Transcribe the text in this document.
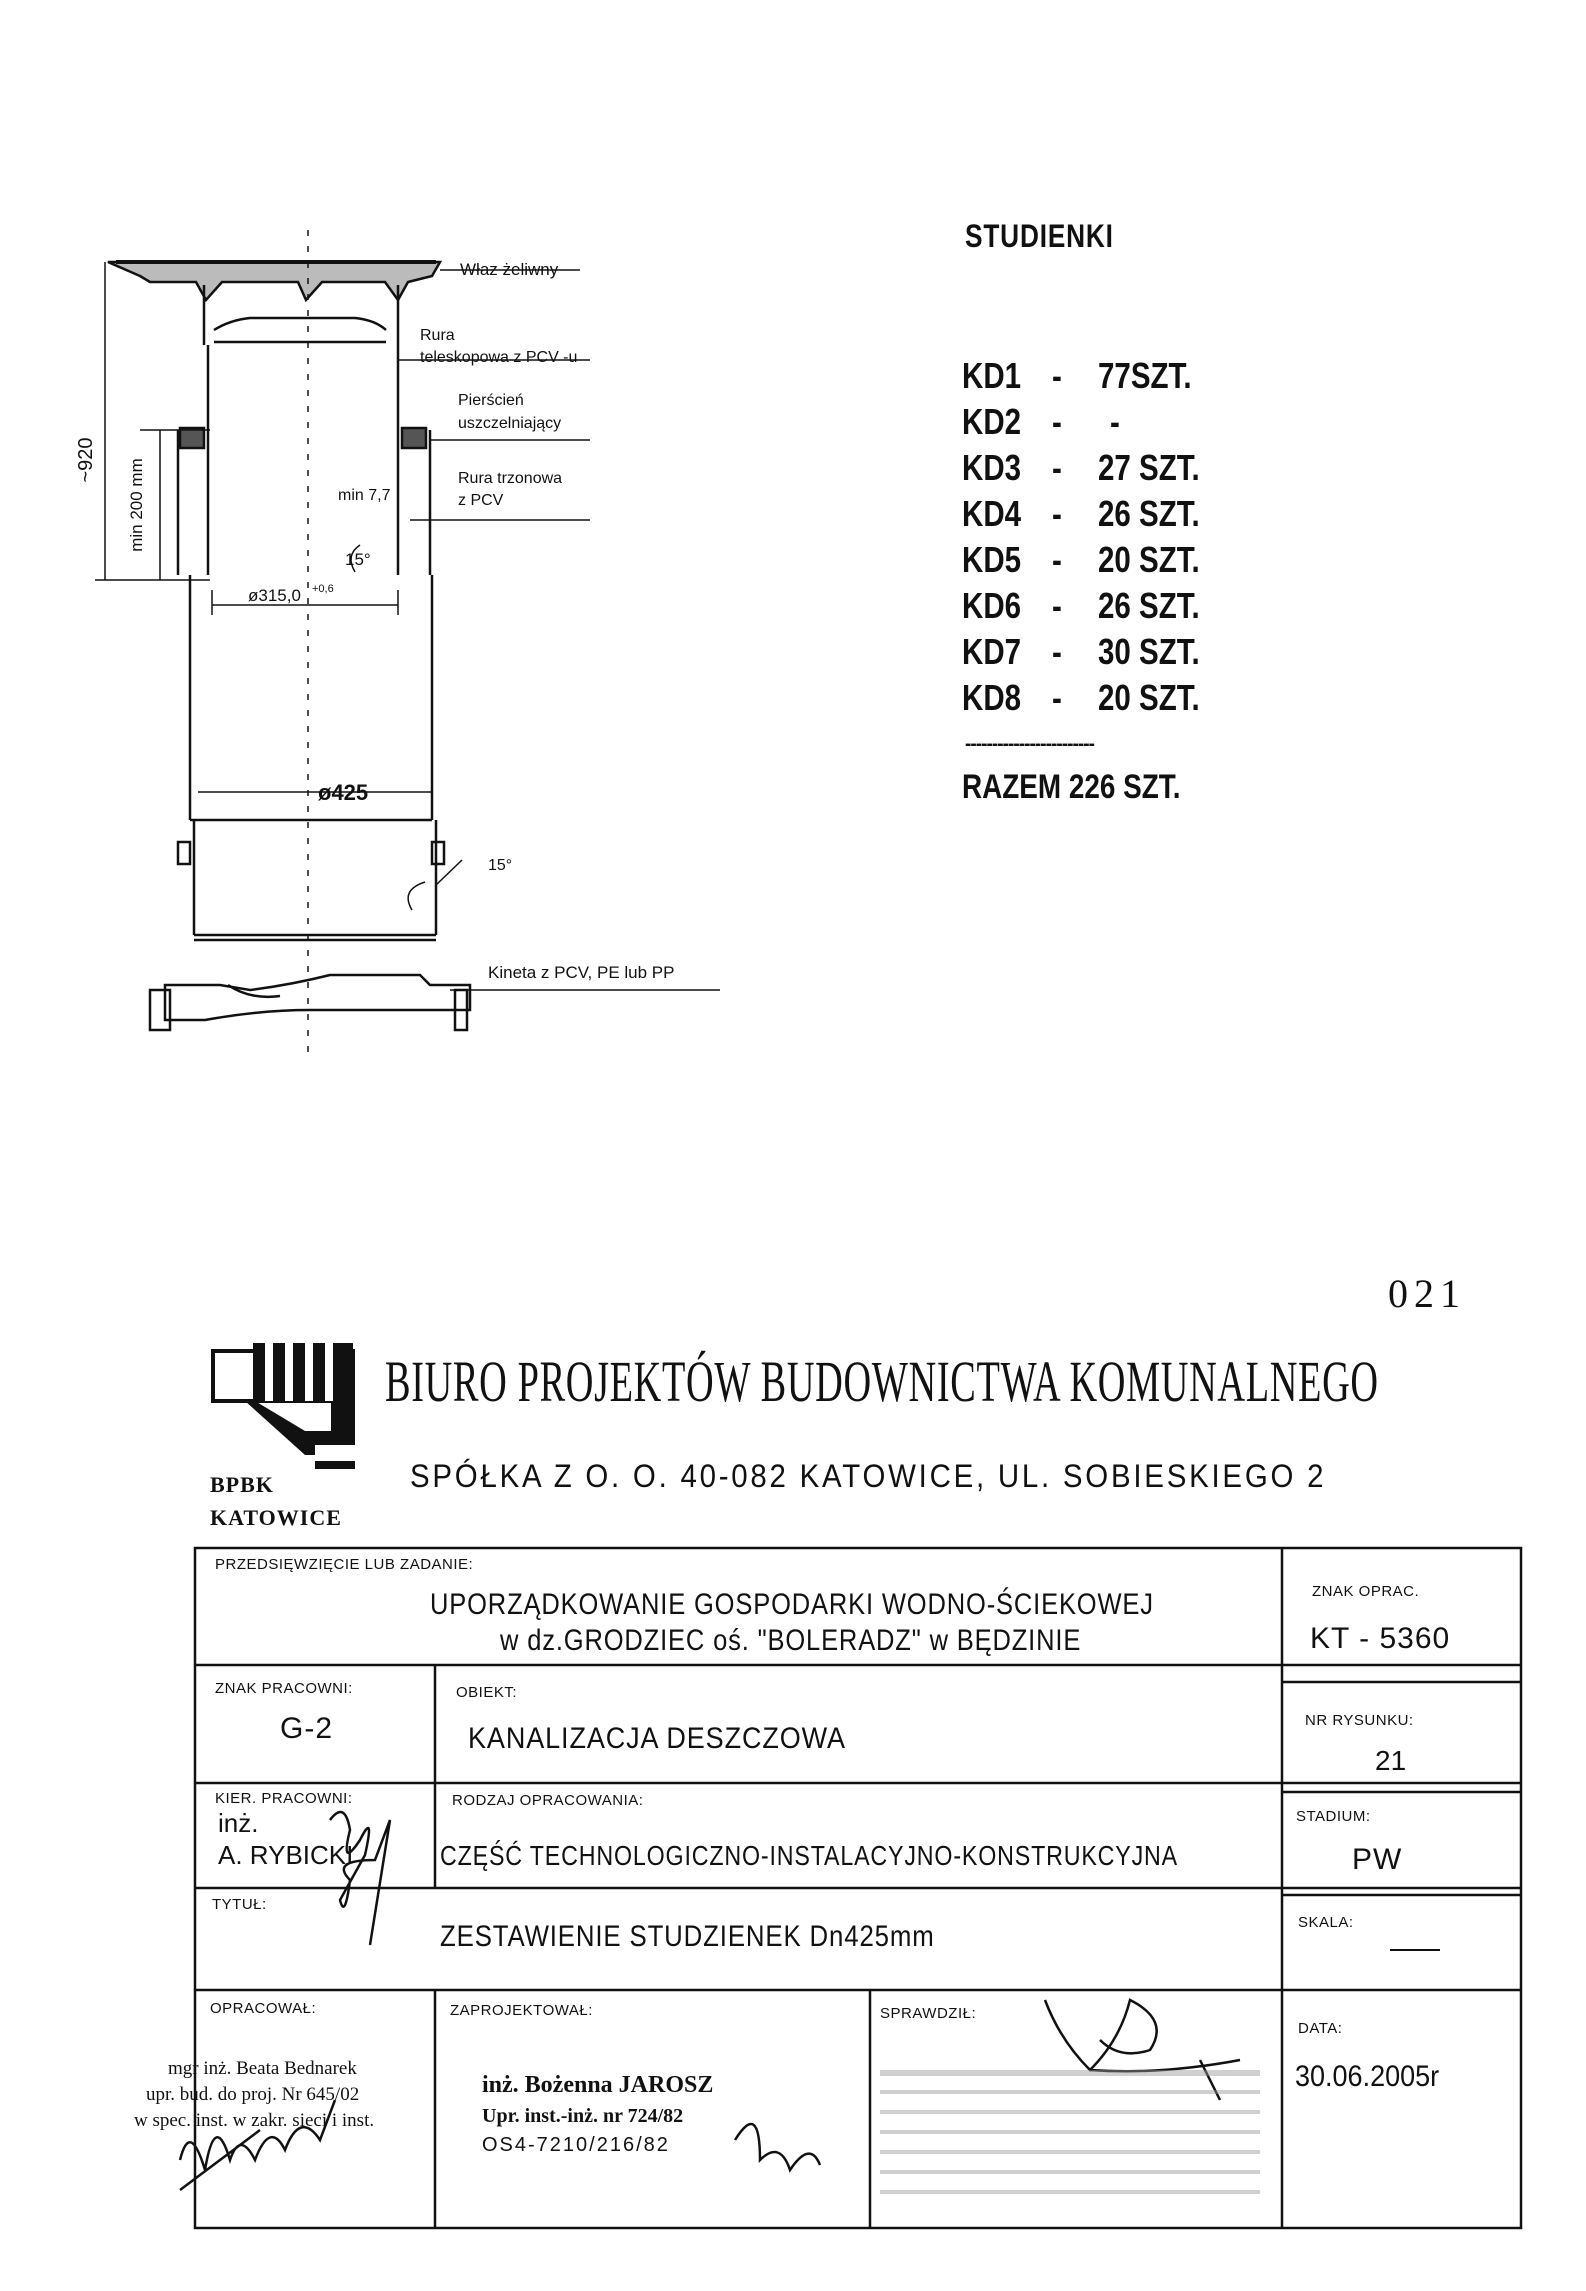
~920 min 200 mm
Właz żeliwny
Rura
teleskopowa z PCV -u
Pierścień
uszczelniający
Rura trzonowa
z PCV
min 7,7
15°
ø315,0 +0,6
ø425
15°
Kineta z PCV, PE lub PP
STUDIENKI
KD1 - 77SZT.
KD2 - -
KD3 - 27 SZT.
KD4 - 26 SZT.
KD5 - 20 SZT.
KD6 - 26 SZT.
KD7 - 30 SZT.
KD8 - 20 SZT.
------------------------
RAZEM 226 SZT.
021
BPBK
KATOWICE
BIURO PROJEKTÓW BUDOWNICTWA KOMUNALNEGO
SPÓŁKA Z O. O. 40-082 KATOWICE, UL. SOBIESKIEGO 2
PRZEDSIĘWZIĘCIE LUB ZADANIE:
UPORZĄDKOWANIE GOSPODARKI WODNO-ŚCIEKOWEJ
w dz.GRODZIEC oś. "BOLERADZ" w BĘDZINIE
ZNAK OPRAC.
KT - 5360
ZNAK PRACOWNI:
G-2
OBIEKT:
KANALIZACJA DESZCZOWA
NR RYSUNKU:
21
KIER. PRACOWNI:
inż.
A. RYBICKI
RODZAJ OPRACOWANIA:
CZĘŚĆ TECHNOLOGICZNO-INSTALACYJNO-KONSTRUKCYJNA
STADIUM:
PW
TYTUŁ:
ZESTAWIENIE STUDZIENEK Dn425mm	SKALA:
OPRACOWAŁ:
mgr inż. Beata Bednarek
upr. bud. do proj. Nr 645/02
w spec. inst. w zakr. sieci i inst.
ZAPROJEKTOWAŁ:
inż. Bożenna JAROSZ
Upr. inst.-inż. nr 724/82
OS4-7210/216/82
SPRAWDZIŁ:
DATA:
30.06.2005r
